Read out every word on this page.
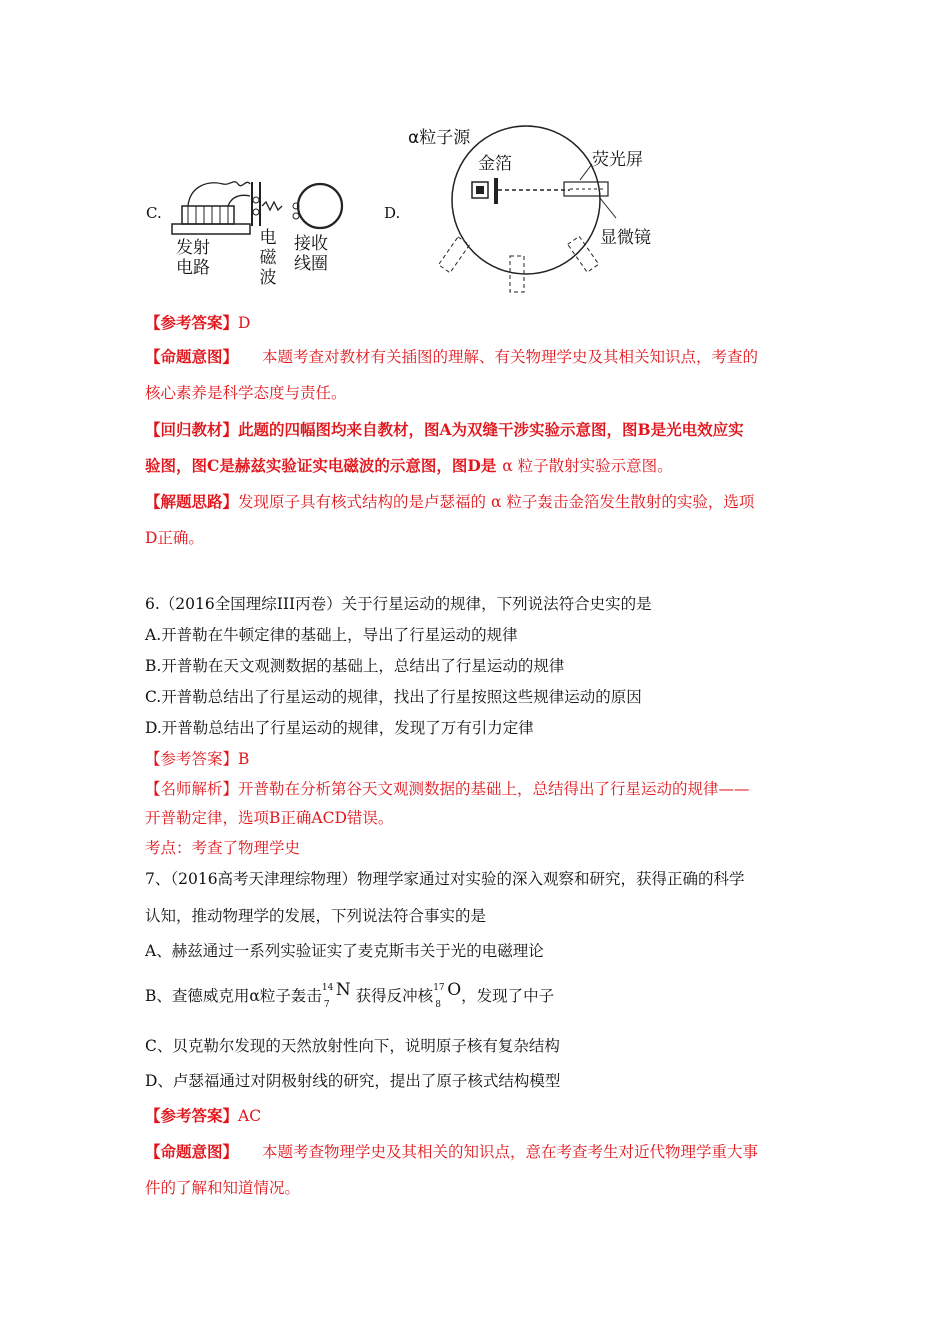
C.
发射
电路
电
磁
波
接收
线圈
D.
α粒子源
金箔	荧光屏
显微镜
【参考答案】D
【命题意图】 本题考查对教材有关插图的理解、有关物理学史及其相关知识点，考查的
核心素养是科学态度与责任。
【回归教材】此题的四幅图均来自教材，图A为双缝干涉实验示意图，图B是光电效应实
验图，图C是赫兹实验证实电磁波的示意图，图D是 α 粒子散射实验示意图。
【解题思路】发现原子具有核式结构的是卢瑟福的 α 粒子轰击金箔发生散射的实验，选项
D正确。
6.（2016全国理综III丙卷）关于行星运动的规律，下列说法符合史实的是
A.开普勒在牛顿定律的基础上，导出了行星运动的规律
B.开普勒在天文观测数据的基础上，总结出了行星运动的规律
C.开普勒总结出了行星运动的规律，找出了行星按照这些规律运动的原因
D.开普勒总结出了行星运动的规律，发现了万有引力定律
【参考答案】B
【名师解析】开普勒在分析第谷天文观测数据的基础上，总结得出了行星运动的规律——
开普勒定律，选项B正确ACD错误。
考点：考查了物理学史
7、（2016高考天津理综物理）物理学家通过对实验的深入观察和研究，获得正确的科学
认知，推动物理学的发展，下列说法符合事实的是
A、赫兹通过一系列实验证实了麦克斯韦关于光的电磁理论
B、查德威克用α粒子轰击 14
7
N 获得反冲核 17
8
O，发现了中子
C、贝克勒尔发现的天然放射性向下，说明原子核有复杂结构
D、卢瑟福通过对阴极射线的研究，提出了原子核式结构模型
【参考答案】AC
【命题意图】 本题考查物理学史及其相关的知识点，意在考查考生对近代物理学重大事
件的了解和知道情况。
